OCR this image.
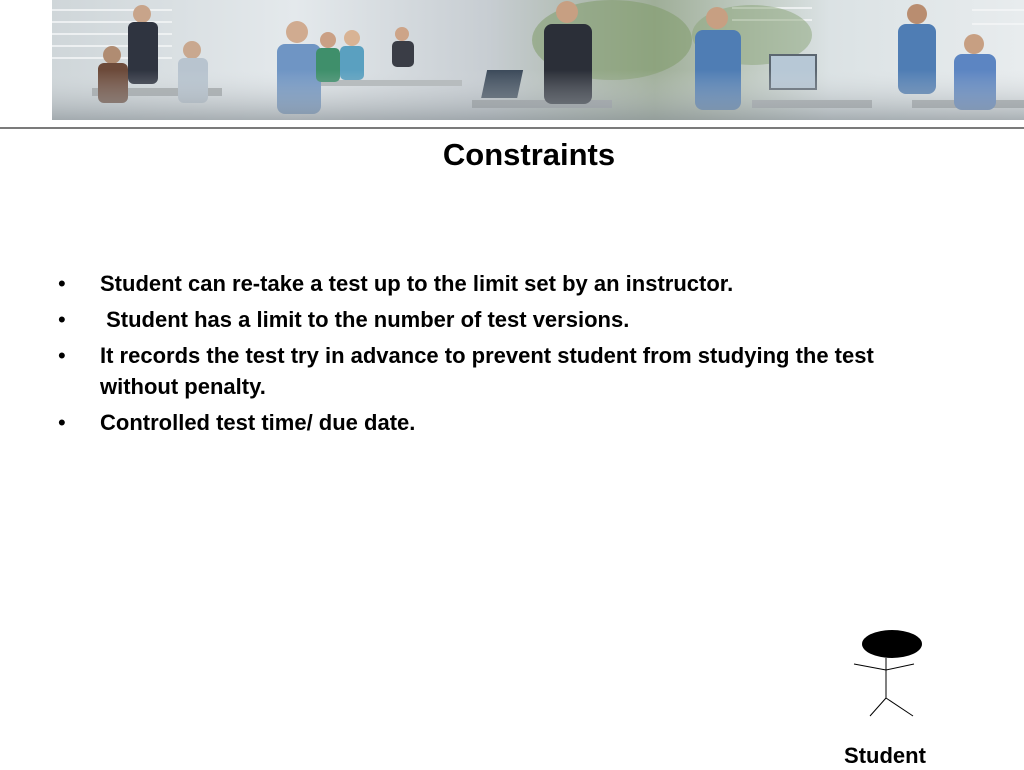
Constraints
• Student can re-take a test up to the limit set by an instructor.
• Student has a limit to the number of test versions.
• It records the test try in advance to prevent student from studying the test without penalty.
• Controlled test time/ due date.
Student
